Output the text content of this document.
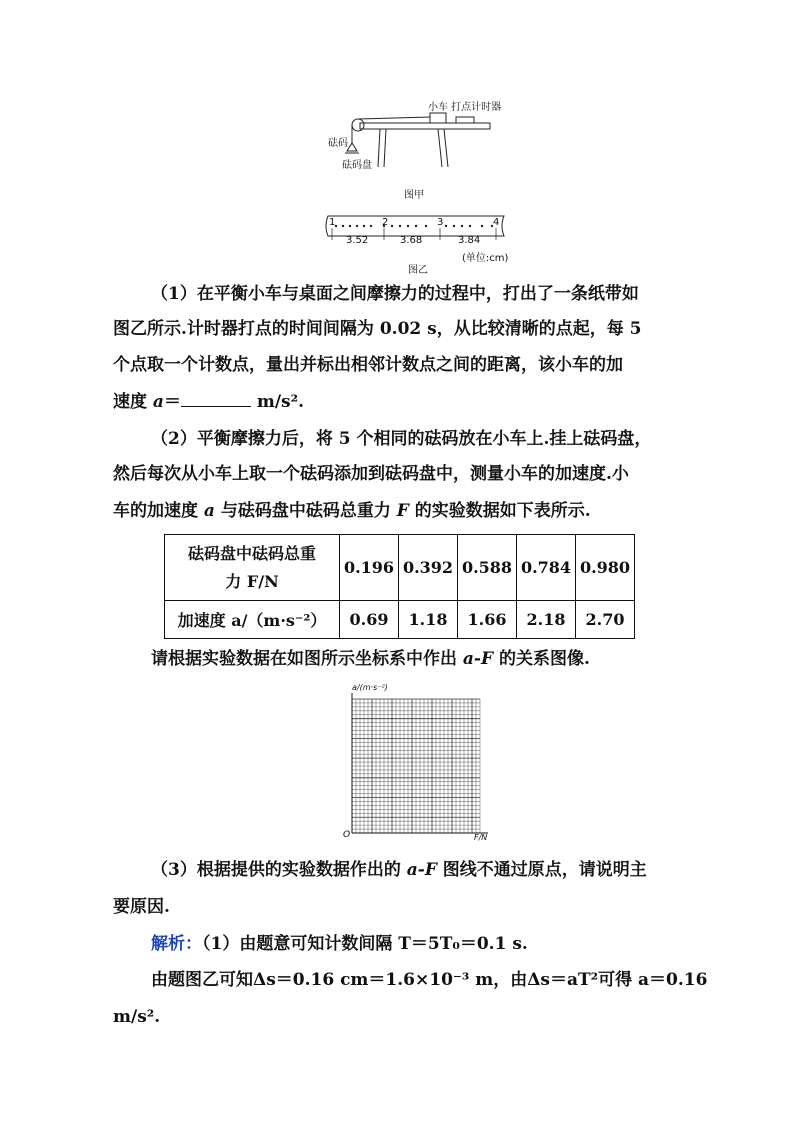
小车 打点计时器
砝码
砝码盘
图甲
1	2	3	4
3.52	3.68	3.84
(单位:cm)
图乙
（1）在平衡小车与桌面之间摩擦力的过程中，打出了一条纸带如
图乙所示.计时器打点的时间间隔为 0.02 s，从比较清晰的点起，每 5
个点取一个计数点，量出并标出相邻计数点之间的距离，该小车的加
速度 a＝	m/s².
（2）平衡摩擦力后，将 5 个相同的砝码放在小车上.挂上砝码盘，
然后每次从小车上取一个砝码添加到砝码盘中，测量小车的加速度.小
车的加速度 a 与砝码盘中砝码总重力 F 的实验数据如下表所示.
砝码盘中砝码总重
力 F/N	0.196	0.392	0.588	0.784	0.980
加速度 a/（m·s⁻²）	0.69	1.18	1.66	2.18	2.70
请根据实验数据在如图所示坐标系中作出 a-F 的关系图像.
a/(m·s⁻²)
F/N
O
（3）根据提供的实验数据作出的 a-F 图线不通过原点，请说明主
要原因.
解析：（1）由题意可知计数间隔 T＝5T₀＝0.1 s.
由题图乙可知Δs＝0.16 cm＝1.6×10⁻³ m，由Δs＝aT²可得 a＝0.16
m/s².
